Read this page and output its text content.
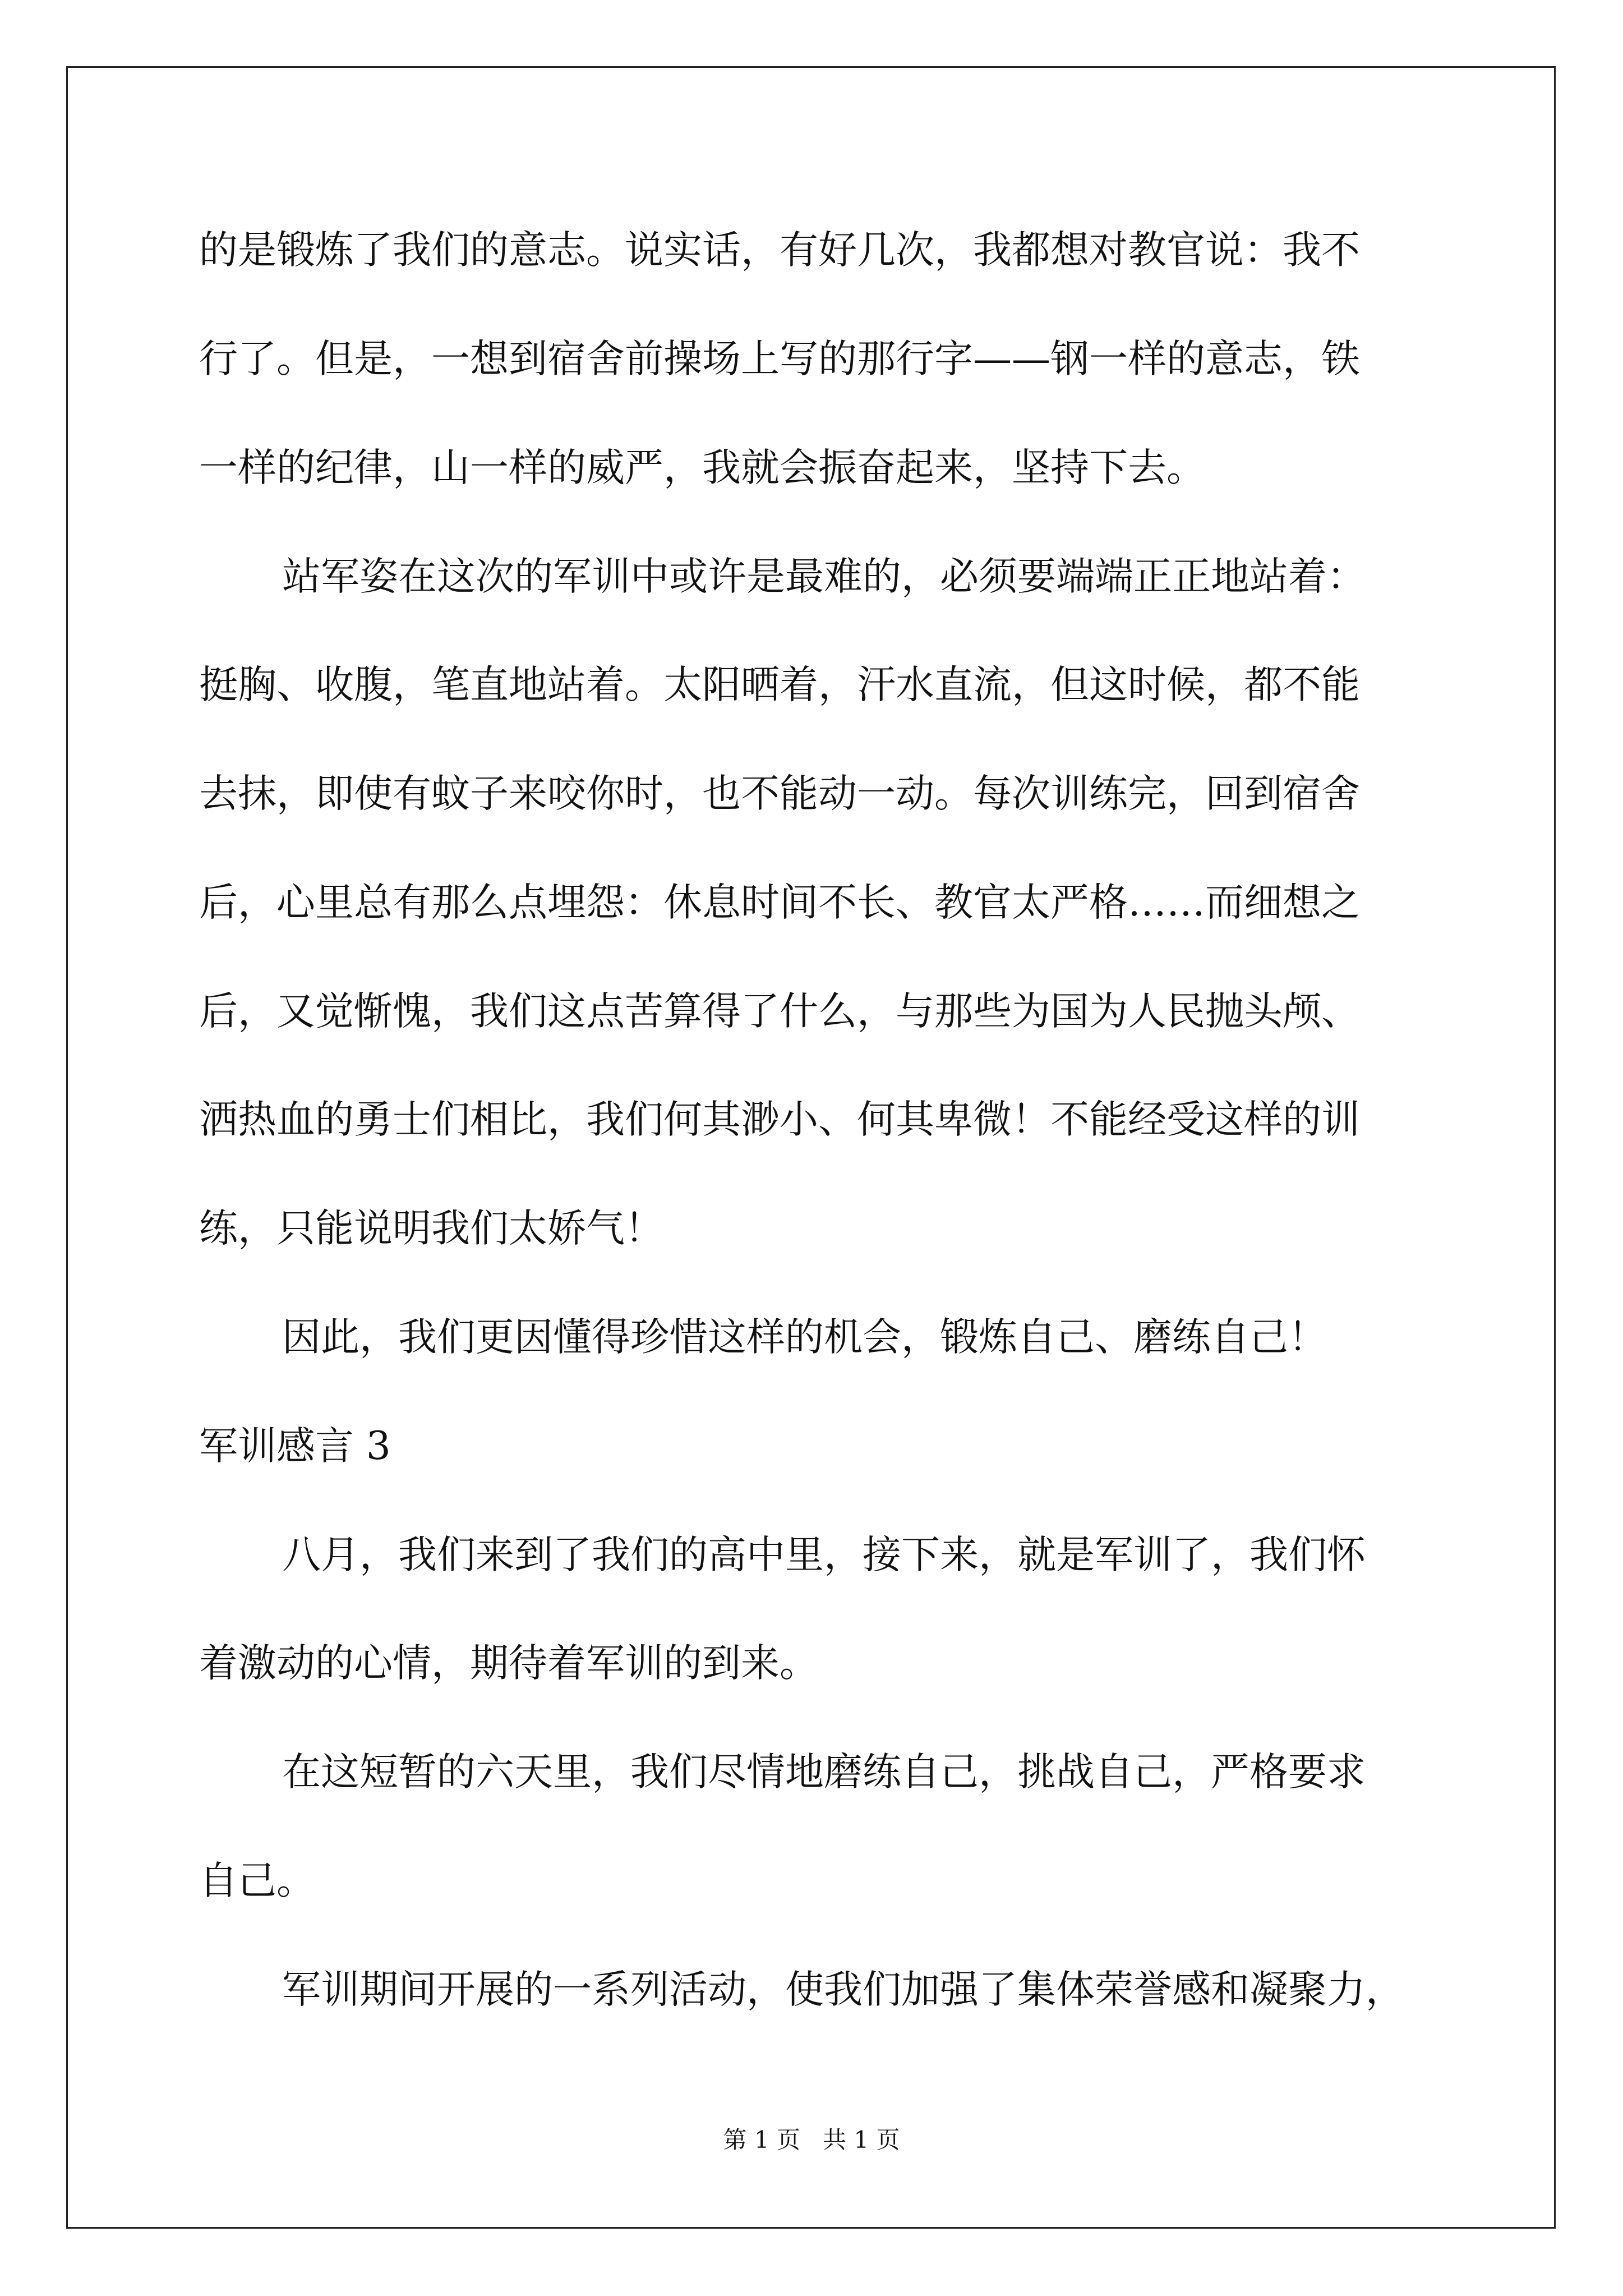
的是锻炼了我们的意志。说实话，有好几次，我都想对教官说：我不
行了。但是，一想到宿舍前操场上写的那行字——钢一样的意志，铁
一样的纪律，山一样的威严，我就会振奋起来，坚持下去。
站军姿在这次的军训中或许是最难的，必须要端端正正地站着：
挺胸、收腹，笔直地站着。太阳晒着，汗水直流，但这时候，都不能
去抹，即使有蚊子来咬你时，也不能动一动。每次训练完，回到宿舍
后，心里总有那么点埋怨：休息时间不长、教官太严格……而细想之
后，又觉惭愧，我们这点苦算得了什么，与那些为国为人民抛头颅、
洒热血的勇士们相比，我们何其渺小、何其卑微！不能经受这样的训
练，只能说明我们太娇气！
因此，我们更因懂得珍惜这样的机会，锻炼自己、磨练自己！
军训感言 3
八月，我们来到了我们的高中里，接下来，就是军训了，我们怀
着激动的心情，期待着军训的到来。
在这短暂的六天里，我们尽情地磨练自己，挑战自己，严格要求
自己。
军训期间开展的一系列活动，使我们加强了集体荣誉感和凝聚力，
第 1 页   共 1 页
